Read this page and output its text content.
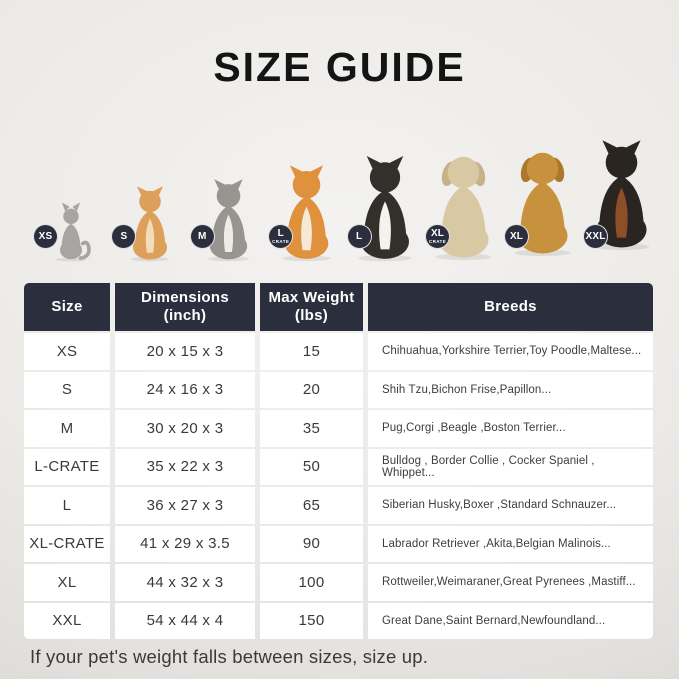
SIZE GUIDE
XS	S	M	L
CRATE	L	XL
CRATE	XL	XXL
Size
Dimensions
(inch)
Max Weight
(lbs)
Breeds
XS	20 x 15 x 3	15	Chihuahua,Yorkshire Terrier,Toy Poodle,Maltese...
S	24 x 16 x 3	20	Shih Tzu,Bichon Frise,Papillon...
M	30 x 20 x 3	35	Pug,Corgi ,Beagle ,Boston Terrier...
L-CRATE	35 x 22 x 3	50	Bulldog , Border Collie , Cocker Spaniel , Whippet...
L	36 x 27 x 3	65	Siberian Husky,Boxer ,Standard Schnauzer...
XL-CRATE	41 x 29 x 3.5	90	Labrador Retriever ,Akita,Belgian Malinois...
XL	44 x 32 x 3	100	Rottweiler,Weimaraner,Great Pyrenees ,Mastiff...
XXL	54 x 44 x 4	150	Great Dane,Saint Bernard,Newfoundland...
If your pet's weight falls between sizes, size up.
